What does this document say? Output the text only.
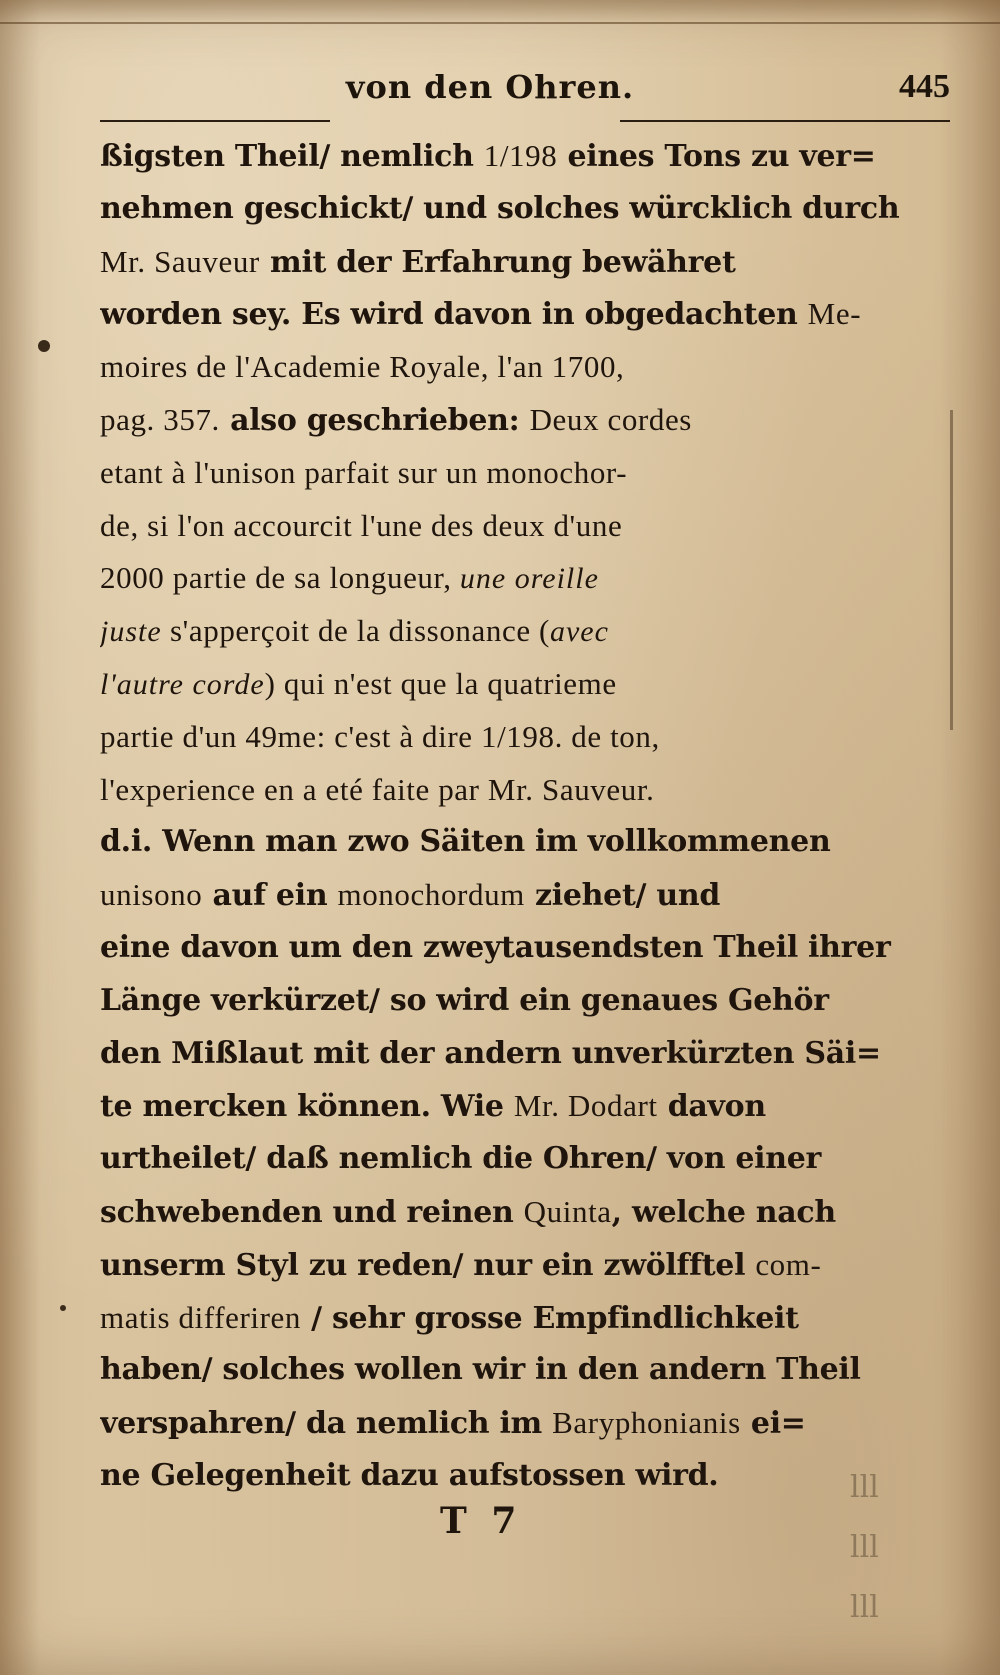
von den Ohren.	445
ßigsten Theil/ nemlich 1/198 eines Tons zu ver=
nehmen geschickt/ und solches würcklich durch
Mr. Sauveur mit der Erfahrung bewähret
worden sey. Es wird davon in obgedachten Me-
moires de l'Academie Royale, l'an 1700,
pag. 357. also geschrieben: Deux cordes
etant à l'unison parfait sur un monochor-
de, si l'on accourcit l'une des deux d'une
2000 partie de sa longueur, une oreille
juste s'apperçoit de la dissonance (avec
l'autre corde) qui n'est que la quatrieme
partie d'un 49me: c'est à dire 1/198. de ton,
l'experience en a eté faite par Mr. Sauveur.
d.i. Wenn man zwo Säiten im vollkommenen
unisono auf ein monochordum ziehet/ und
eine davon um den zweytausendsten Theil ihrer
Länge verkürzet/ so wird ein genaues Gehör
den Mißlaut mit der andern unverkürzten Säi=
te mercken können. Wie Mr. Dodart davon
urtheilet/ daß nemlich die Ohren/ von einer
schwebenden und reinen Quinta, welche nach
unserm Styl zu reden/ nur ein zwölfftel com-
matis differiren / sehr grosse Empfindlichkeit
haben/ solches wollen wir in den andern Theil
verspahren/ da nemlich im Baryphonianis ei=
ne Gelegenheit dazu aufstossen wird.
T 7
lll
lll
lll
